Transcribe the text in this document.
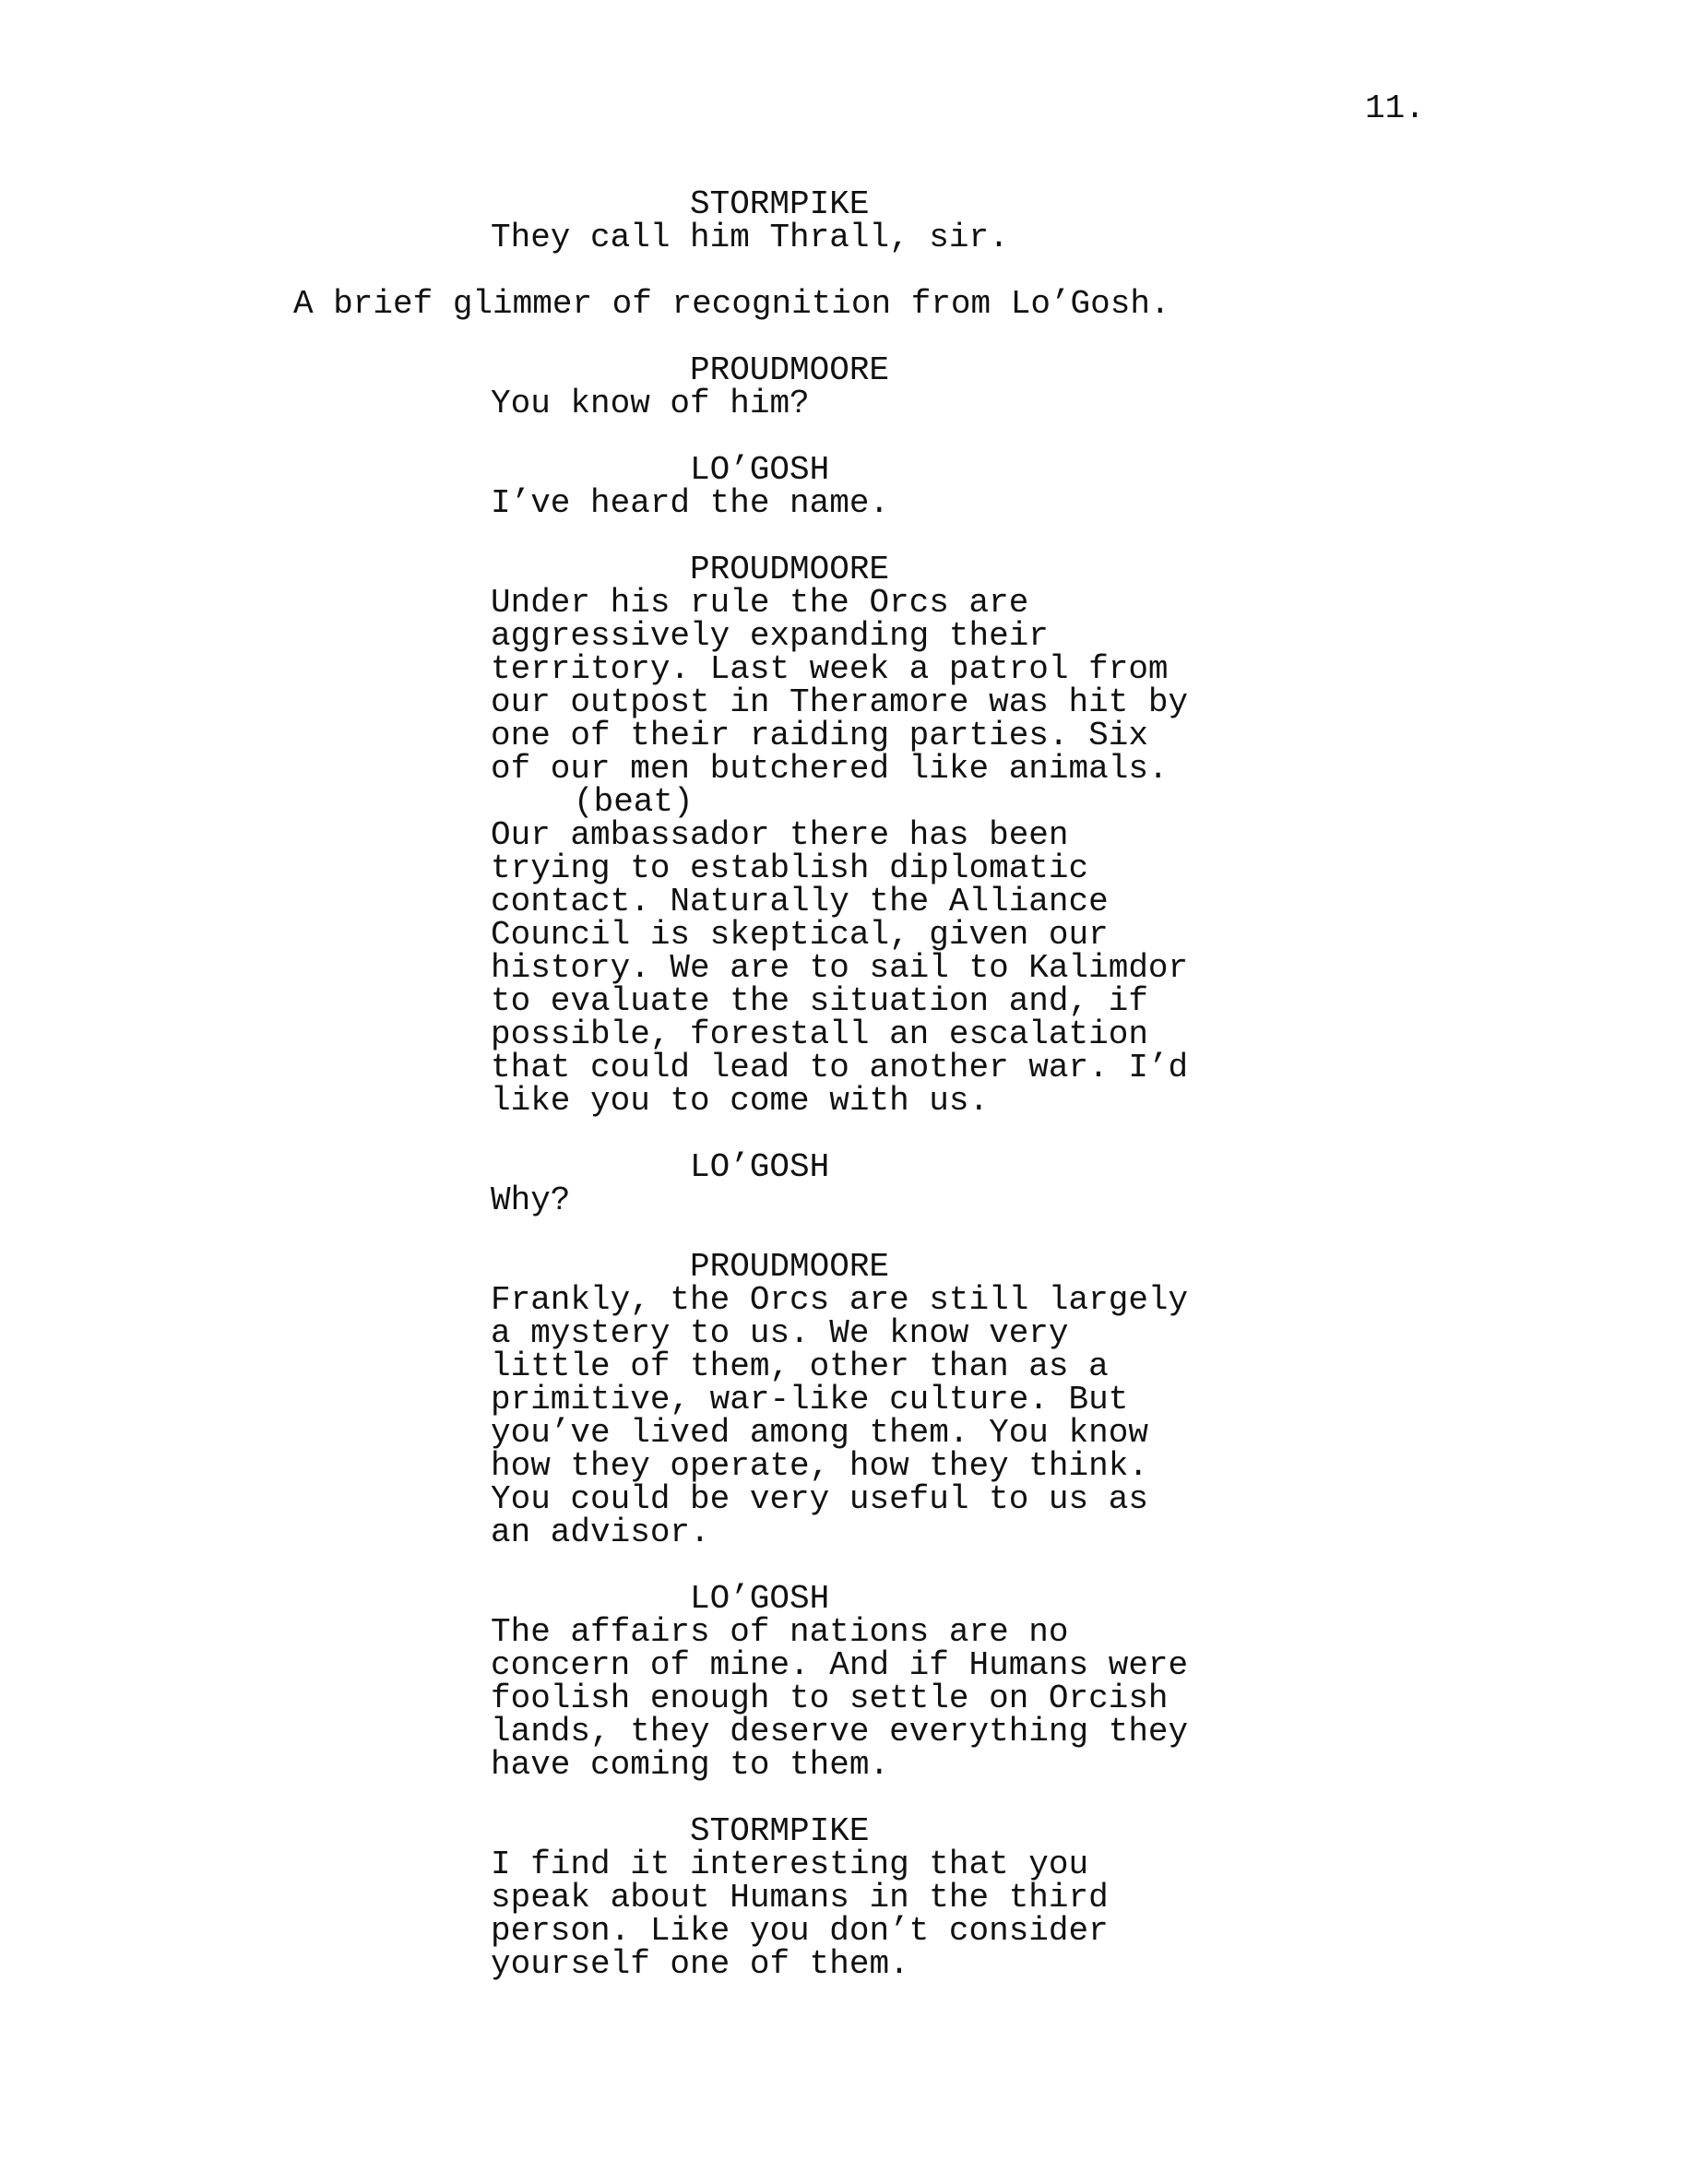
11.
STORMPIKE
They call him Thrall, sir.
A brief glimmer of recognition from Lo’Gosh.
PROUDMOORE
You know of him?
LO’GOSH
I’ve heard the name.
PROUDMOORE
Under his rule the Orcs are
aggressively expanding their
territory. Last week a patrol from
our outpost in Theramore was hit by
one of their raiding parties. Six
of our men butchered like animals.
(beat)
Our ambassador there has been
trying to establish diplomatic
contact. Naturally the Alliance
Council is skeptical, given our
history. We are to sail to Kalimdor
to evaluate the situation and, if
possible, forestall an escalation
that could lead to another war. I’d
like you to come with us.
LO’GOSH
Why?
PROUDMOORE
Frankly, the Orcs are still largely
a mystery to us. We know very
little of them, other than as a
primitive, war-like culture. But
you’ve lived among them. You know
how they operate, how they think.
You could be very useful to us as
an advisor.
LO’GOSH
The affairs of nations are no
concern of mine. And if Humans were
foolish enough to settle on Orcish
lands, they deserve everything they
have coming to them.
STORMPIKE
I find it interesting that you
speak about Humans in the third
person. Like you don’t consider
yourself one of them.
